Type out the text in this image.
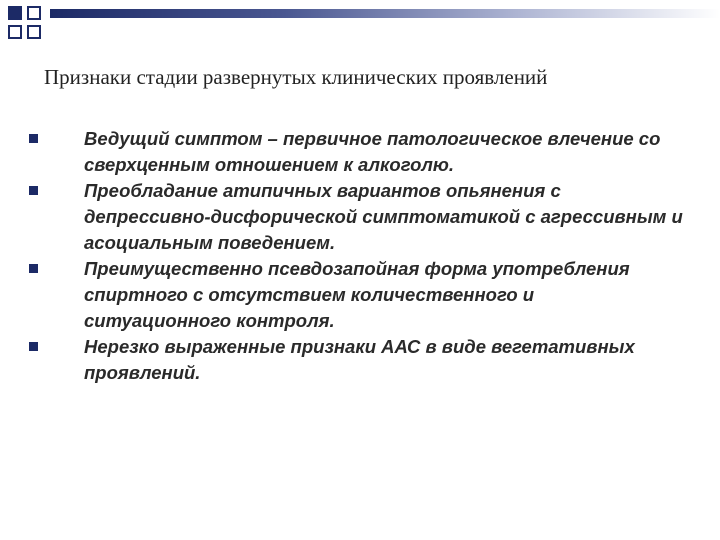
Признаки стадии развернутых клинических проявлений
Ведущий симптом – первичное патологическое влечение со сверхценным отношением к алкоголю.
Преобладание атипичных вариантов опьянения с депрессивно-дисфорической симптоматикой с агрессивным и асоциальным поведением.
Преимущественно псевдозапойная форма употребления спиртного с отсутствием количественного и ситуационного контроля.
Нерезко выраженные признаки ААС в виде вегетативных проявлений.
